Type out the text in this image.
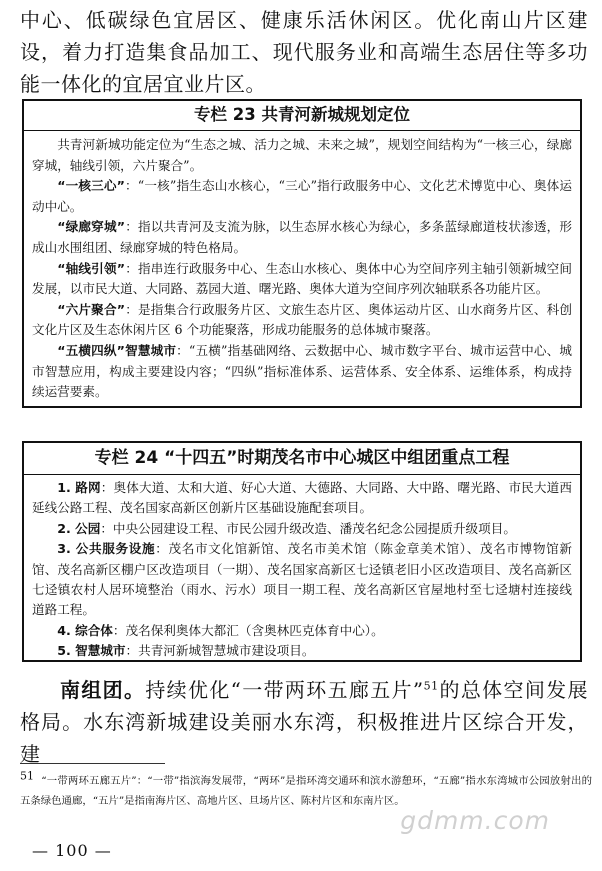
中心、低碳绿色宜居区、健康乐活休闲区。优化南山片区建设，着力打造集食品加工、现代服务业和高端生态居住等多功能一体化的宜居宜业片区。

专栏 23 共青河新城规划定位

共青河新城功能定位为“生态之城、活力之城、未来之城”，规划空间结构为“一核三心，绿廊穿城，轴线引领，六片聚合”。

“一核三心”：“一核”指生态山水核心，“三心”指行政服务中心、文化艺术博览中心、奥体运动中心。

“绿廊穿城”：指以共青河及支流为脉，以生态屏水核心为绿心，多条蓝绿廊道枝状渗透，形成山水围组团、绿廊穿城的特色格局。

“轴线引领”：指串连行政服务中心、生态山水核心、奥体中心为空间序列主轴引领新城空间发展，以市民大道、大同路、荔园大道、曙光路、奥体大道为空间序列次轴联系各功能片区。

“六片聚合”：是指集合行政服务片区、文旅生态片区、奥体运动片区、山水商务片区、科创文化片区及生态休闲片区 6 个功能聚落，形成功能服务的总体城市聚落。

“五横四纵”智慧城市：“五横”指基础网络、云数据中心、城市数字平台、城市运营中心、城市智慧应用，构成主要建设内容；“四纵”指标准体系、运营体系、安全体系、运维体系，构成持续运营要素。

专栏 24 “十四五”时期茂名市中心城区中组团重点工程

1. 路网：奥体大道、太和大道、好心大道、大德路、大同路、大中路、曙光路、市民大道西延线公路工程、茂名国家高新区创新片区基础设施配套项目。

2. 公园：中央公园建设工程、市民公园升级改造、潘茂名纪念公园提质升级项目。

3. 公共服务设施：茂名市文化馆新馆、茂名市美术馆（陈金章美术馆）、茂名市博物馆新馆、茂名高新区棚户区改造项目（一期）、茂名国家高新区七迳镇老旧小区改造项目、茂名高新区七迳镇农村人居环境整治（雨水、污水）项目一期工程、茂名高新区官屋地村至七迳塘村连接线道路工程。

4. 综合体：茂名保利奥体大都汇（含奥林匹克体育中心）。

5. 智慧城市：共青河新城智慧城市建设项目。

南组团。持续优化“一带两环五廊五片”$^{51}$的总体空间发展格局。水东湾新城建设美丽水东湾，积极推进片区综合开发，建

$^{51}$ “一带两环五廊五片”：“一带”指滨海发展带，“两环”是指环湾交通环和滨水游憩环，“五廊”指水东湾城市公园放射出的五条绿色通廊，“五片”是指南海片区、高地片区、旦场片区、陈村片区和东南片区。

gdmm.com
— 100 —
